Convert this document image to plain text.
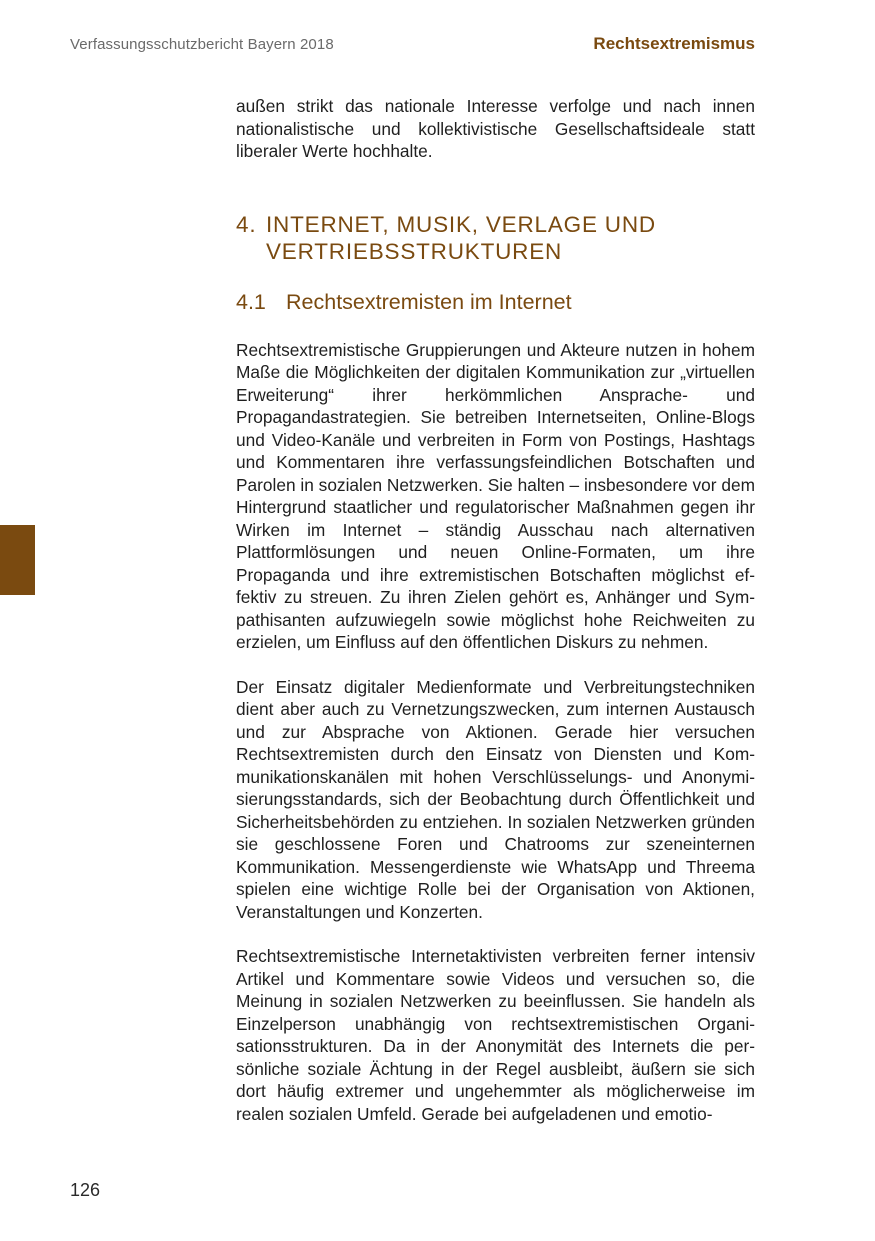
Verfassungsschutzbericht Bayern 2018	Rechtsextremismus

außen strikt das nationale Interesse verfolge und nach innen nationalistische und kollektivistische Gesellschaftsideale statt liberaler Werte hochhalte.

4. INTERNET, MUSIK, VERLAGE UND VERTRIEBSSTRUKTUREN
4.1 Rechtsextremisten im Internet

Rechtsextremistische Gruppierungen und Akteure nutzen in hohem Maße die Möglichkeiten der digitalen Kommunikation zur „virtuellen Erweiterung“ ihrer herkömmlichen Ansprache- und Propagandastrategien. Sie betreiben Internetseiten, Online-Blogs und Video-Kanäle und verbreiten in Form von Postings, Hashtags und Kommentaren ihre verfassungsfeindlichen Botschaften und Parolen in sozialen Netzwerken. Sie halten – insbesondere vor dem Hintergrund staatlicher und regulatorischer Maßnahmen gegen ihr Wirken im Internet – ständig Ausschau nach alternativen Plattformlösungen und neuen Online-Formaten, um ihre Propaganda und ihre extremistischen Botschaften möglichst effektiv zu streuen. Zu ihren Zielen gehört es, Anhänger und Sympathisanten aufzuwiegeln sowie möglichst hohe Reichweiten zu erzielen, um Einfluss auf den öffentlichen Diskurs zu nehmen.

Der Einsatz digitaler Medienformate und Verbreitungstechniken dient aber auch zu Vernetzungszwecken, zum internen Austausch und zur Absprache von Aktionen. Gerade hier versuchen Rechtsextremisten durch den Einsatz von Diensten und Kommunikationskanälen mit hohen Verschlüsselungs- und Anonymisierungsstandards, sich der Beobachtung durch Öffentlichkeit und Sicherheitsbehörden zu entziehen. In sozialen Netzwerken gründen sie geschlossene Foren und Chatrooms zur szeneinternen Kommunikation. Messengerdienste wie WhatsApp und Threema spielen eine wichtige Rolle bei der Organisation von Aktionen, Veranstaltungen und Konzerten.

Rechtsextremistische Internetaktivisten verbreiten ferner intensiv Artikel und Kommentare sowie Videos und versuchen so, die Meinung in sozialen Netzwerken zu beeinflussen. Sie handeln als Einzelperson unabhängig von rechtsextremistischen Organisationsstrukturen. Da in der Anonymität des Internets die persönliche soziale Ächtung in der Regel ausbleibt, äußern sie sich dort häufig extremer und ungehemmter als möglicherweise im realen sozialen Umfeld. Gerade bei aufgeladenen und emotio-

126
